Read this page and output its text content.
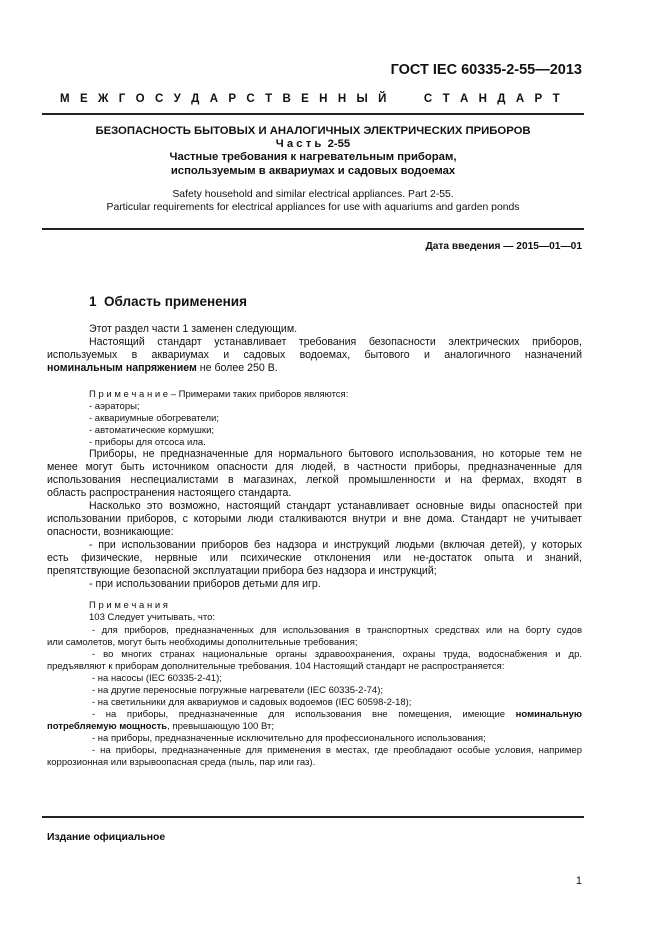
ГОСТ IEC 60335-2-55—2013
М Е Ж Г О С У Д А Р С Т В Е Н Н Ы Й

	С Т А Н Д А Р Т
БЕЗОПАСНОСТЬ БЫТОВЫХ И АНАЛОГИЧНЫХ ЭЛЕКТРИЧЕСКИХ ПРИБОРОВ
Ч а с т ь  2-55
Частные требования к нагревательным приборам,
используемым в аквариумах и садовых водоемах
Safety household and similar electrical appliances. Part 2-55.
Particular requirements for electrical appliances for use with aquariums and garden ponds
Дата введения — 2015—01—01
1  Область применения
Этот раздел части 1 заменен следующим.
Настоящий стандарт устанавливает требования безопасности электрических приборов,
используемых в аквариумах и садовых водоемах, бытового и аналогичного назначений
номинальным напряжением не более 250 В.
П р и м е ч а н и е – Примерами таких приборов являются:
- аэраторы;
- аквариумные обогреватели;
- автоматические кормушки;
- приборы для отсоса ила.
Приборы, не предназначенные для нормального бытового использования, но которые тем не
менее могут быть источником опасности для людей, в частности приборы, предназначенные для
использования неспециалистами в магазинах, легкой промышленности и на фермах, входят в
область распространения настоящего стандарта.
Насколько это возможно, настоящий стандарт устанавливает основные виды опасностей при
использовании приборов, с которыми люди сталкиваются внутри и вне дома. Стандарт не учитывает
опасности, возникающие:
- при использовании приборов без надзора и инструкций людьми (включая детей), у которых
есть физические, нервные или психические отклонения или не-достаток опыта и знаний,
препятствующие безопасной эксплуатации прибора без надзора и инструкций;
- при использовании приборов детьми для игр.
П р и м е ч а н и я
103 Следует учитывать, что:
- для приборов, предназначенных для использования в транспортных средствах или на борту судов
или самолетов, могут быть необходимы дополнительные требования;
- во многих странах национальные органы здравоохранения, охраны труда, водоснабжения и др.
предъявляют к приборам дополнительные требования. 104 Настоящий стандарт не распространяется:
- на насосы (IEC 60335-2-41);
- на другие переносные погружные нагреватели (IEC 60335-2-74);
- на светильники для аквариумов и садовых водоемов (IEC 60598-2-18);
- на приборы, предназначенные для использования вне помещения, имеющие номинальную
потребляемую мощность, превышающую 100 Вт;
- на приборы, предназначенные исключительно для профессионального использования;
- на приборы, предназначенные для применения в местах, где преобладают особые условия, например
коррозионная или взрывоопасная среда (пыль, пар или газ).
Издание официальное
1
